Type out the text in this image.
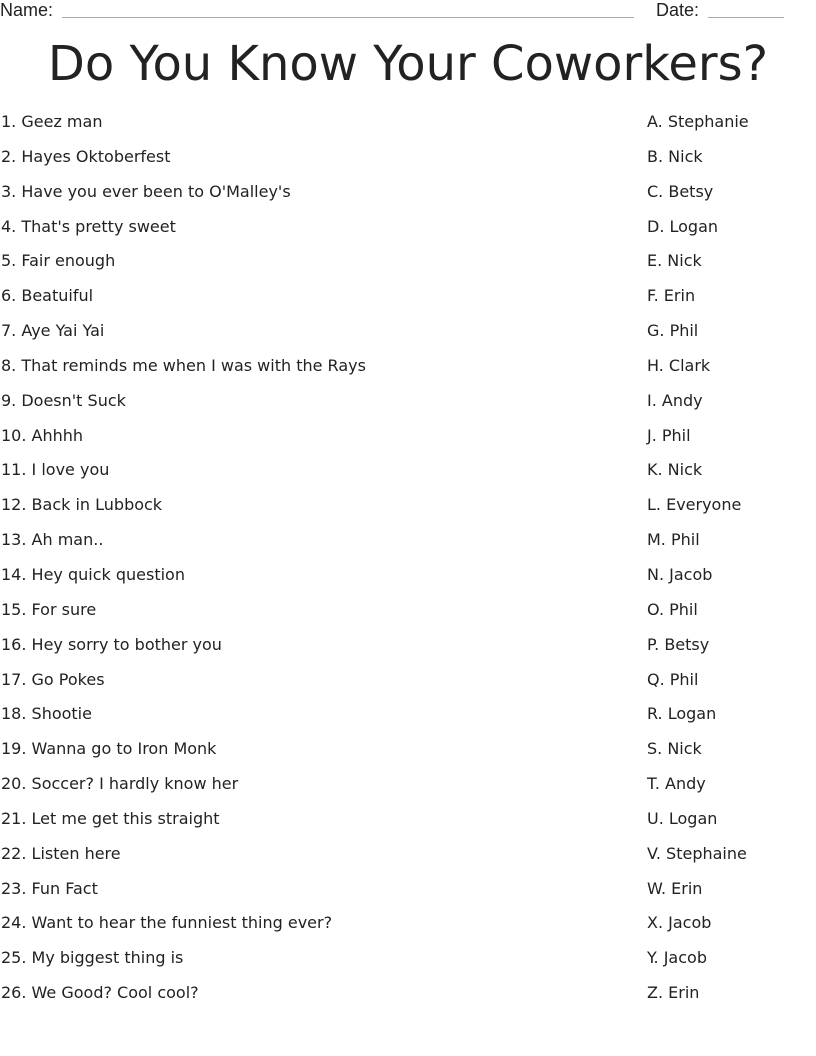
Name:	Date:
Do You Know Your Coworkers?
1. Geez man	A. Stephanie
2. Hayes Oktoberfest	B. Nick
3. Have you ever been to O'Malley's	C. Betsy
4. That's pretty sweet	D. Logan
5. Fair enough	E. Nick
6. Beatuiful	F. Erin
7. Aye Yai Yai	G. Phil
8. That reminds me when I was with the Rays	H. Clark
9. Doesn't Suck	I. Andy
10. Ahhhh	J. Phil
11. I love you	K. Nick
12. Back in Lubbock	L. Everyone
13. Ah man..	M. Phil
14. Hey quick question	N. Jacob
15. For sure	O. Phil
16. Hey sorry to bother you	P. Betsy
17. Go Pokes	Q. Phil
18. Shootie	R. Logan
19. Wanna go to Iron Monk	S. Nick
20. Soccer? I hardly know her	T. Andy
21. Let me get this straight	U. Logan
22. Listen here	V. Stephaine
23. Fun Fact	W. Erin
24. Want to hear the funniest thing ever?	X. Jacob
25. My biggest thing is	Y. Jacob
26. We Good? Cool cool?	Z. Erin
